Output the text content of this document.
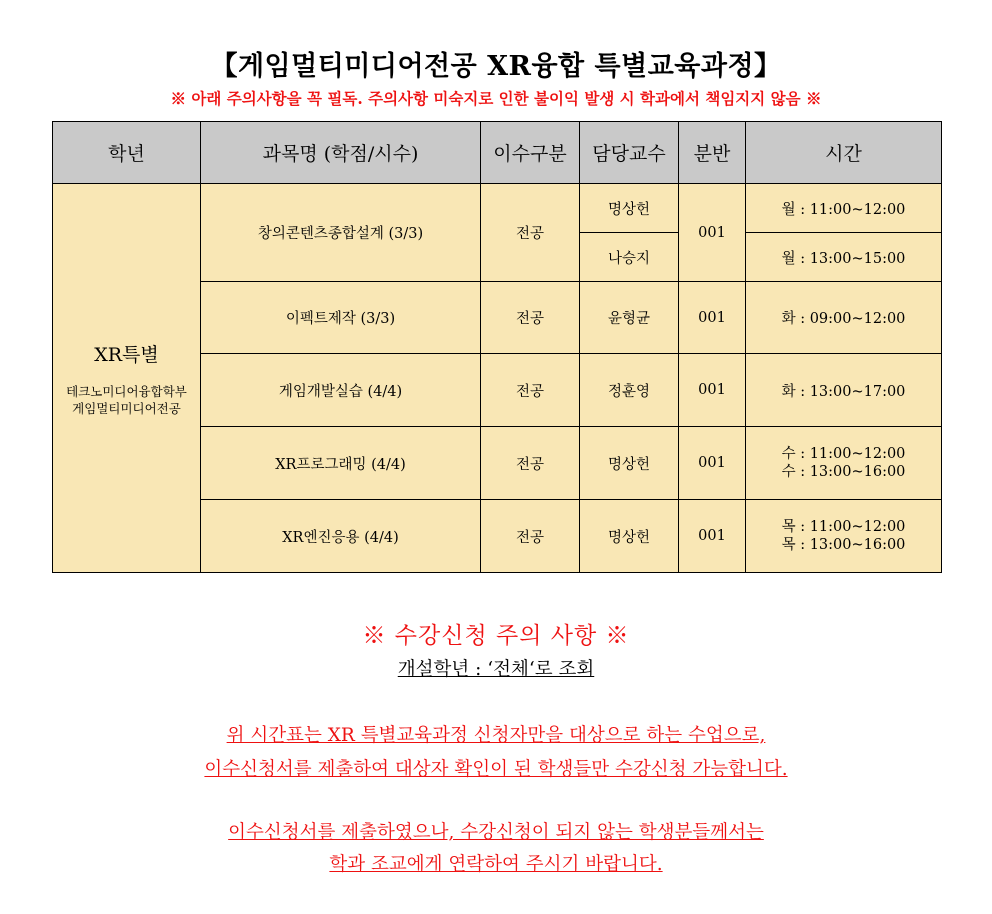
【게임멀티미디어전공 XR융합 특별교육과정】
※ 아래 주의사항을 꼭 필독. 주의사항 미숙지로 인한 불이익 발생 시 학과에서 책임지지 않음 ※
학년	과목명 (학점/시수)	이수구분	담당교수	분반	시간

XR특별
테크노미디어융합학부
게임멀티미디어전공	창의콘텐츠종합설계 (3/3)	전공	명상헌	001	월 : 11:00~12:00
			나승지		월 : 13:00~15:00
	이펙트제작 (3/3)	전공	윤형균	001	화 : 09:00~12:00
	게임개발실습 (4/4)	전공	정훈영	001	화 : 13:00~17:00
	XR프로그래밍 (4/4)	전공	명상헌	001	수 : 11:00~12:00
수 : 13:00~16:00

	XR엔진응용 (4/4)	전공	명상헌	001	목 : 11:00~12:00
목 : 13:00~16:00
※ 수강신청 주의 사항 ※
개설학년 : ‘전체‘로 조회
위 시간표는 XR 특별교육과정 신청자만을 대상으로 하는 수업으로,
이수신청서를 제출하여 대상자 확인이 된 학생들만 수강신청 가능합니다.
이수신청서를 제출하였으나, 수강신청이 되지 않는 학생분들께서는
학과 조교에게 연락하여 주시기 바랍니다.
